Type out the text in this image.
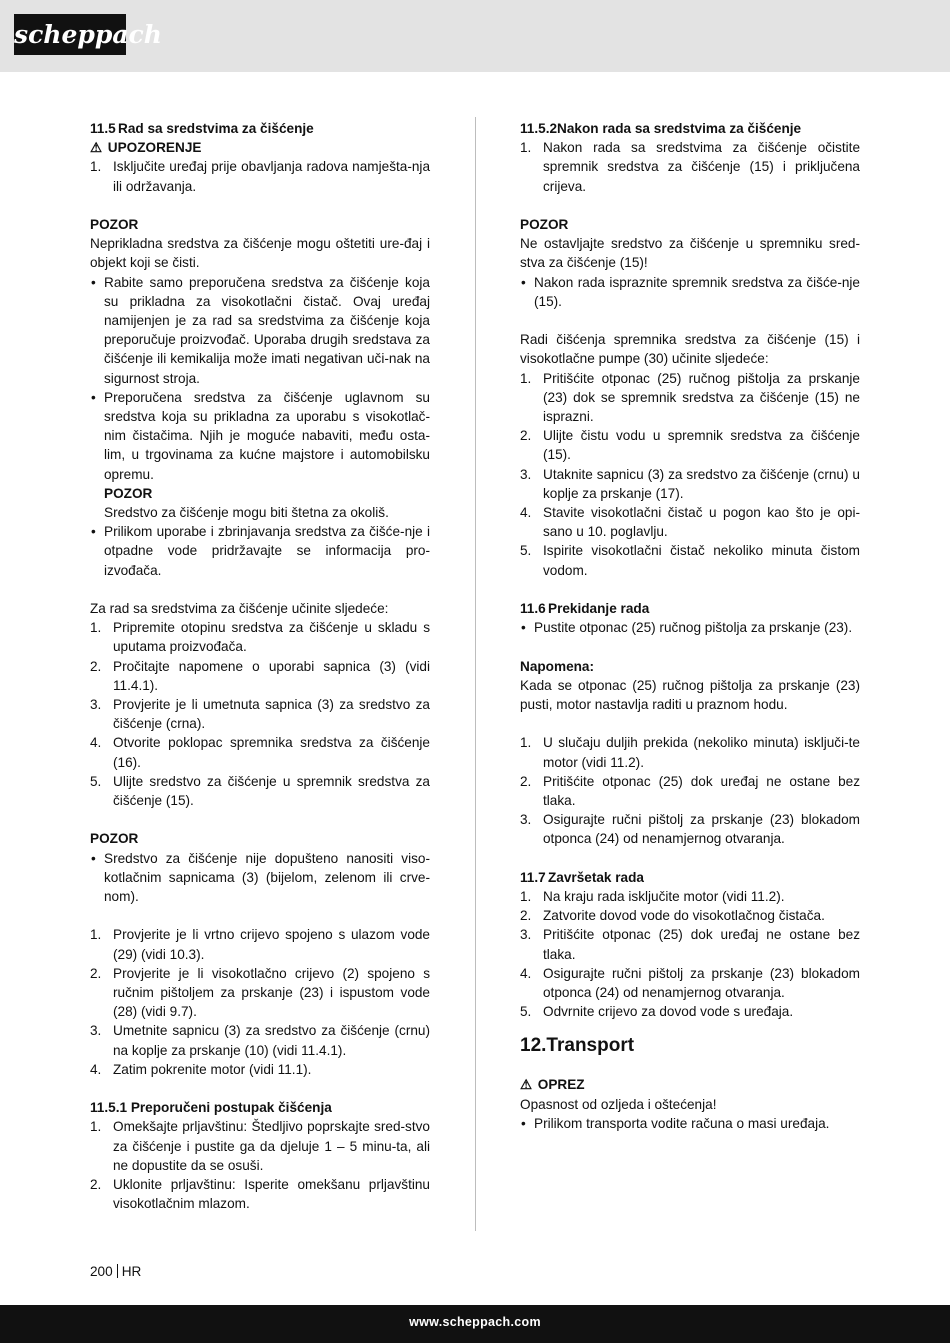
scheppach

11.5 Rad sa sredstvima za čišćenje

⚠ UPOZORENJE

1. Isključite uređaj prije obavljanja radova namješta-nja ili održavanja.

POZOR

Neprikladna sredstva za čišćenje mogu oštetiti ure-đaj i objekt koji se čisti.

• Rabite samo preporučena sredstva za čišćenje koja su prikladna za visokotlačni čistač. Ovaj uređaj namijenjen je za rad sa sredstvima za čišćenje koja preporučuje proizvođač. Uporaba drugih sredstava za čišćenje ili kemikalija može imati negativan uči-nak na sigurnost stroja.
• Preporučena sredstva za čišćenje uglavnom su sredstva koja su prikladna za uporabu s visokotlač-nim čistačima. Njih je moguće nabaviti, među osta-lim, u trgovinama za kućne majstore i automobilsku opremu.

POZOR

Sredstvo za čišćenje mogu biti štetna za okoliš.

• Prilikom uporabe i zbrinjavanja sredstva za čišće-nje i otpadne vode pridržavajte se informacija pro-izvođača.

Za rad sa sredstvima za čišćenje učinite sljedeće:

1. Pripremite otopinu sredstva za čišćenje u skladu s uputama proizvođača.
2. Pročitajte napomene o uporabi sapnica (3) (vidi 11.4.1).
3. Provjerite je li umetnuta sapnica (3) za sredstvo za čišćenje (crna).
4. Otvorite poklopac spremnika sredstva za čišćenje (16).
5. Ulijte sredstvo za čišćenje u spremnik sredstva za čišćenje (15).

POZOR

• Sredstvo za čišćenje nije dopušteno nanositi viso-kotlačnim sapnicama (3) (bijelom, zelenom ili crve-nom).
1. Provjerite je li vrtno crijevo spojeno s ulazom vode (29) (vidi 10.3).
2. Provjerite je li visokotlačno crijevo (2) spojeno s ručnim pištoljem za prskanje (23) i ispustom vode (28) (vidi 9.7).
3. Umetnite sapnicu (3) za sredstvo za čišćenje (crnu) na koplje za prskanje (10) (vidi 11.4.1).
4. Zatim pokrenite motor (vidi 11.1).

11.5.1 Preporučeni postupak čišćenja

1. Omekšajte prljavštinu: Štedljivo poprskajte sred-stvo za čišćenje i pustite ga da djeluje 1 – 5 minu-ta, ali ne dopustite da se osuši.
2. Uklonite prljavštinu: Isperite omekšanu prljavštinu visokotlačnim mlazom.

11.5.2Nakon rada sa sredstvima za čišćenje

1. Nakon rada sa sredstvima za čišćenje očistite spremnik sredstva za čišćenje (15) i priključena crijeva.

POZOR

Ne ostavljajte sredstvo za čišćenje u spremniku sred-stva za čišćenje (15)!

• Nakon rada ispraznite spremnik sredstva za čišće-nje (15).

Radi čišćenja spremnika sredstva za čišćenje (15) i visokotlačne pumpe (30) učinite sljedeće:

1. Pritišćite otponac (25) ručnog pištolja za prskanje (23) dok se spremnik sredstva za čišćenje (15) ne isprazni.
2. Ulijte čistu vodu u spremnik sredstva za čišćenje (15).
3. Utaknite sapnicu (3) za sredstvo za čišćenje (crnu) u koplje za prskanje (17).
4. Stavite visokotlačni čistač u pogon kao što je opi-sano u 10. poglavlju.
5. Ispirite visokotlačni čistač nekoliko minuta čistom vodom.

11.6 Prekidanje rada

• Pustite otponac (25) ručnog pištolja za prskanje (23).

Napomena:

Kada se otponac (25) ručnog pištolja za prskanje (23) pusti, motor nastavlja raditi u praznom hodu.

1. U slučaju duljih prekida (nekoliko minuta) isključi-te motor (vidi 11.2).
2. Pritišćite otponac (25) dok uređaj ne ostane bez tlaka.
3. Osigurajte ručni pištolj za prskanje (23) blokadom otponca (24) od nenamjernog otvaranja.

11.7 Završetak rada

1. Na kraju rada isključite motor (vidi 11.2).
2. Zatvorite dovod vode do visokotlačnog čistača.
3. Pritišćite otponac (25) dok uređaj ne ostane bez tlaka.
4. Osigurajte ručni pištolj za prskanje (23) blokadom otponca (24) od nenamjernog otvaranja.
5. Odvrnite crijevo za dovod vode s uređaja.

12.Transport

⚠ OPREZ

Opasnost od ozljeda i oštećenja!

• Prilikom transporta vodite računa o masi uređaja.
200 HR
www.scheppach.com
